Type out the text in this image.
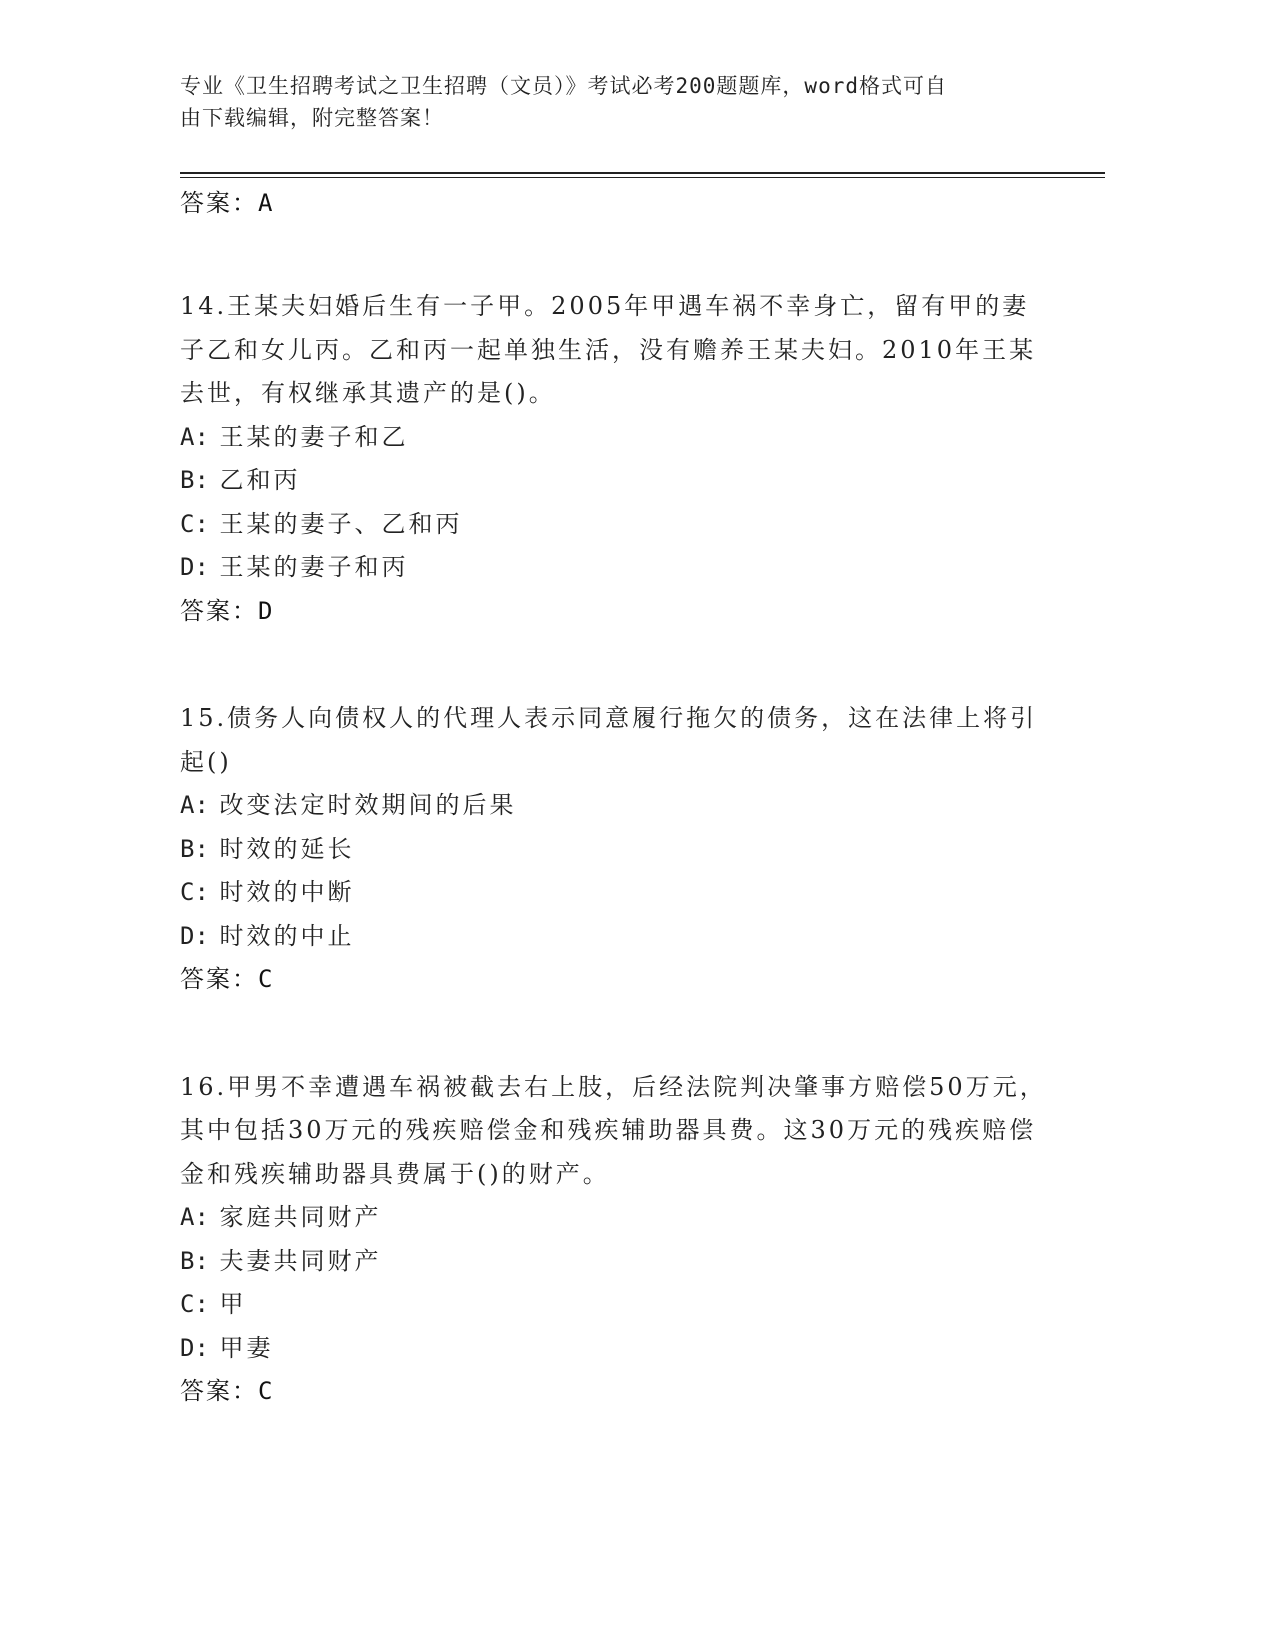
专业《卫生招聘考试之卫生招聘（文员）》考试必考200题题库，word格式可自
由下载编辑，附完整答案！
答案：A

14.王某夫妇婚后生有一子甲。2005年甲遇车祸不幸身亡，留有甲的妻子乙和女儿丙。乙和丙一起单独生活，没有赡养王某夫妇。2010年王某去世，有权继承其遗产的是()。

A: 王某的妻子和乙
B: 乙和丙
C: 王某的妻子、乙和丙
D: 王某的妻子和丙
答案：D

15.债务人向债权人的代理人表示同意履行拖欠的债务，这在法律上将引起()

A: 改变法定时效期间的后果
B: 时效的延长
C: 时效的中断
D: 时效的中止
答案：C

16.甲男不幸遭遇车祸被截去右上肢，后经法院判决肇事方赔偿50万元，其中包括30万元的残疾赔偿金和残疾辅助器具费。这30万元的残疾赔偿金和残疾辅助器具费属于()的财产。

A: 家庭共同财产
B: 夫妻共同财产
C: 甲
D: 甲妻
答案：C
